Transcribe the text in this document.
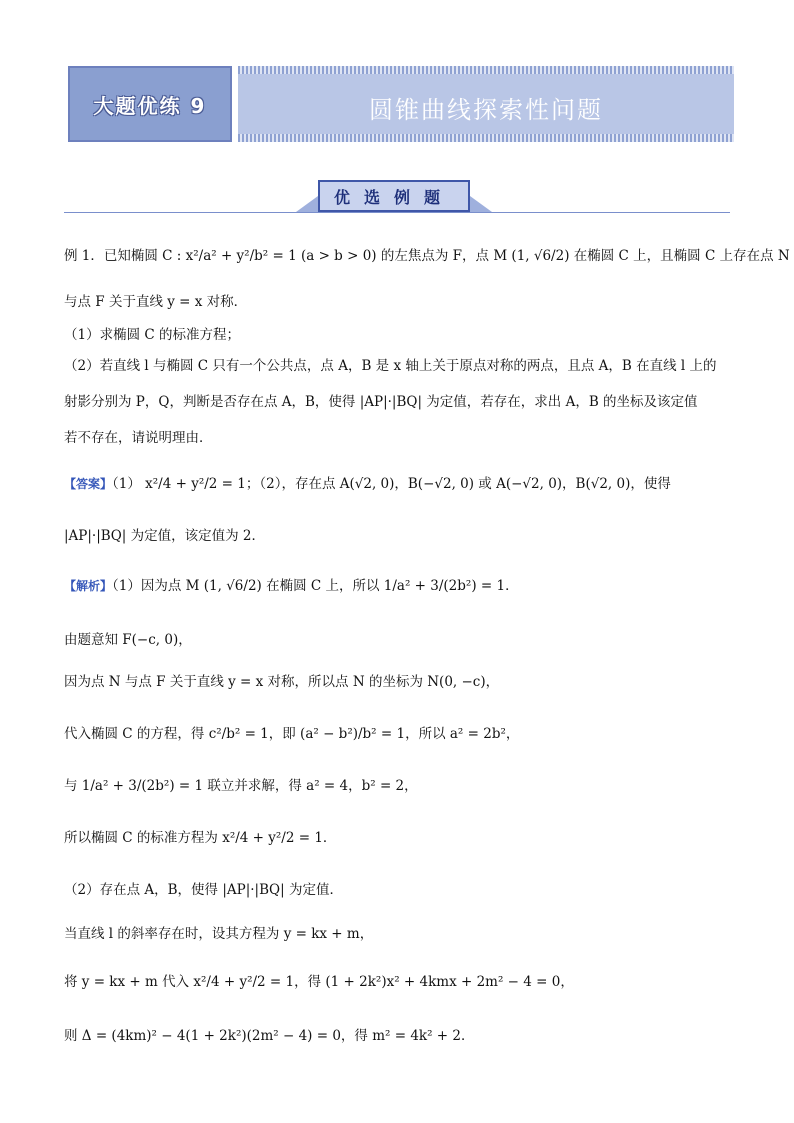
大题优练 9	圆锥曲线探索性问题
优选例题
例 1．已知椭圆 C : x²/a² + y²/b² = 1 (a > b > 0) 的左焦点为 F，点 M (1, √6/2) 在椭圆 C 上，且椭圆 C 上存在点 N
与点 F 关于直线 y = x 对称．
（1）求椭圆 C 的标准方程；
（2）若直线 l 与椭圆 C 只有一个公共点，点 A，B 是 x 轴上关于原点对称的两点，且点 A，B 在直线 l 上的
射影分别为 P，Q，判断是否存在点 A，B，使得 |AP|·|BQ| 为定值，若存在，求出 A，B 的坐标及该定值
若不存在，请说明理由．
【答案】（1） x²/4 + y²/2 = 1；（2），存在点 A(√2, 0)，B(−√2, 0) 或 A(−√2, 0)，B(√2, 0)，使得
|AP|·|BQ| 为定值，该定值为 2．
【解析】（1）因为点 M (1, √6/2) 在椭圆 C 上，所以 1/a² + 3/(2b²) = 1．
由题意知 F(−c, 0)，
因为点 N 与点 F 关于直线 y = x 对称，所以点 N 的坐标为 N(0, −c)，
代入椭圆 C 的方程，得 c²/b² = 1，即 (a² − b²)/b² = 1，所以 a² = 2b²，
与 1/a² + 3/(2b²) = 1 联立并求解，得 a² = 4，b² = 2，
所以椭圆 C 的标准方程为 x²/4 + y²/2 = 1．
（2）存在点 A，B，使得 |AP|·|BQ| 为定值．
当直线 l 的斜率存在时，设其方程为 y = kx + m，
将 y = kx + m 代入 x²/4 + y²/2 = 1，得 (1 + 2k²)x² + 4kmx + 2m² − 4 = 0，
则 Δ = (4km)² − 4(1 + 2k²)(2m² − 4) = 0，得 m² = 4k² + 2．
